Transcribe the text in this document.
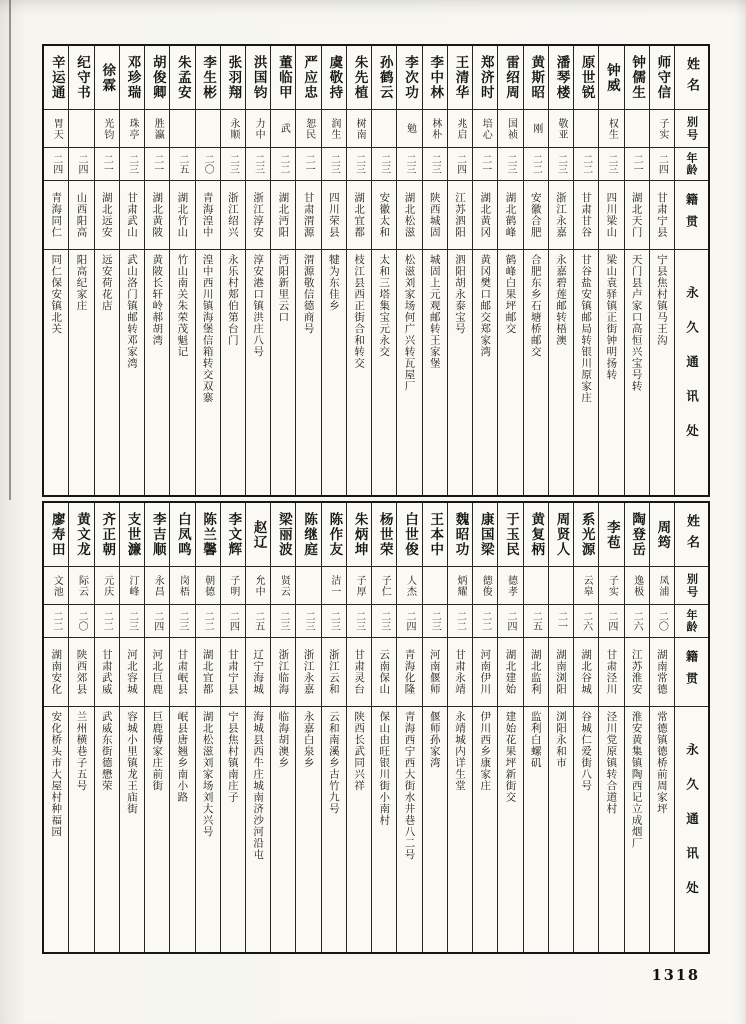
姓名
别号
年龄
籍贯
永久通讯处
师守信
子实
二四
甘肃宁县
宁县焦村镇马王沟
钟儒生
二一
湖北天门
天门县卢家口高恒兴宝号转
钟威
权生
二三
四川梁山
梁山袁驿镇正街钟明扬转
原世锐
二二
甘肃甘谷
甘谷盐安镇邮局转银川原家庄
潘琴楼
敬亚
二三
浙江永嘉
永嘉碧莲邮转梧澳
黄斯昭
刚
二二
安徽合肥
合肥东乡石塘桥邮交
雷绍周
国祯
二三
湖北鹤峰
鹤峰白果坪邮交
郑济时
培心
二一
湖北黄冈
黄冈樊口邮交郑家湾
王清华
兆启
二四
江苏泗阳
泗阳胡永泰宝号
李中林
林朴
二三
陕西城固
城固上元观邮转王家堡
李次功
勉
二三
湖北松滋
松滋刘家场何广兴转瓦屋厂
孙鹤云
二三
安徽太和
太和三塔集宝元永交
朱先植
树南
二三
湖北宜都
枝江县西正街合和转交
虞敬持
润生
二三
四川荣县
犍为东佳乡
严应忠
恕民
二一
甘肃渭源
渭源敬信德商号
董临甲
武
二二
湖北沔阳
沔阳新里云口
洪国钧
力中
二三
浙江淳安
淳安港口镇洪庄八号
张羽翔
永顺
二三
浙江绍兴
永乐村郏伯第台门
李生彬
二〇
青海湟中
湟中西川镇海堡信箱转交双寨
朱孟安
二五
湖北竹山
竹山南关朱荣茂魁记
胡俊卿
胜瀛
二一
湖北黄陂
黄陂长轩岭郝胡湾
邓珍瑞
珠亭
二三
甘肃武山
武山洛门镇邮转邓家湾
徐霖
光钧
二一
湖北远安
远安荷花店
纪守书
二四
山西阳高
阳高纪家庄
辛运通
胃天
二四
青海同仁
同仁保安镇北关
姓名
别号
年龄
籍贯
永久通讯处
周筠
凤浦
二〇
湖南常德
常德镇德桥前周家坪
陶登岳
逸极
二六
江苏淮安
淮安黄集镇陶西记立成烟厂
李苞
子实
二四
甘肃泾川
泾川党原镇转合道村
系光源
云皋
二六
湖北谷城
谷城仁爱街八号
周贤人
二一
湖南浏阳
浏阳永和市
黄复柄
二五
湖北监利
监利白螺矶
于玉民
德孝
二四
湖北建始
建始花果坪新街交
康国梁
德俊
二二
河南伊川
伊川西乡康家庄
魏昭功
炳耀
二二
甘肃永靖
永靖城内详生堂
王本中
二三
河南偃师
偃师孙家湾
白世俊
人杰
二四
青海化隆
青海西宁西大街水井巷八二号
杨世荣
子仁
二三
云南保山
保山由旺银川街小南村
朱炳坤
子厚
二三
甘肃灵台
陕西长武同兴祥
陈作友
洁一
二三
浙江云和
云和南溪乡古竹九号
陈继庭
二三
浙江永嘉
永嘉白泉乡
梁丽波
贤云
二三
浙江临海
临海胡澳乡
赵辽
允中
二五
辽宁海城
海城县西牛庄城南济沙河沿屯
李文辉
子明
二四
甘肃宁县
宁县焦村镇南庄子
陈兰馨
朝德
二二
湖北宜都
湖北松滋刘家场刘大兴号
白凤鸣
岗梧
二三
甘肃岷县
岷县唐翘乡南小路
李吉顺
永昌
二四
河北巨鹿
巨鹿傅家庄前街
支世濂
汀峰
二三
河北容城
容城小里镇龙王庙街
齐正朝
元庆
二二
甘肃武威
武威东街德懋荣
黄文龙
际云
二〇
陕西郊县
兰州横巷子五号
廖寿田
文池
二二
湖南安化
安化桥头市大屋村种福园
1318
